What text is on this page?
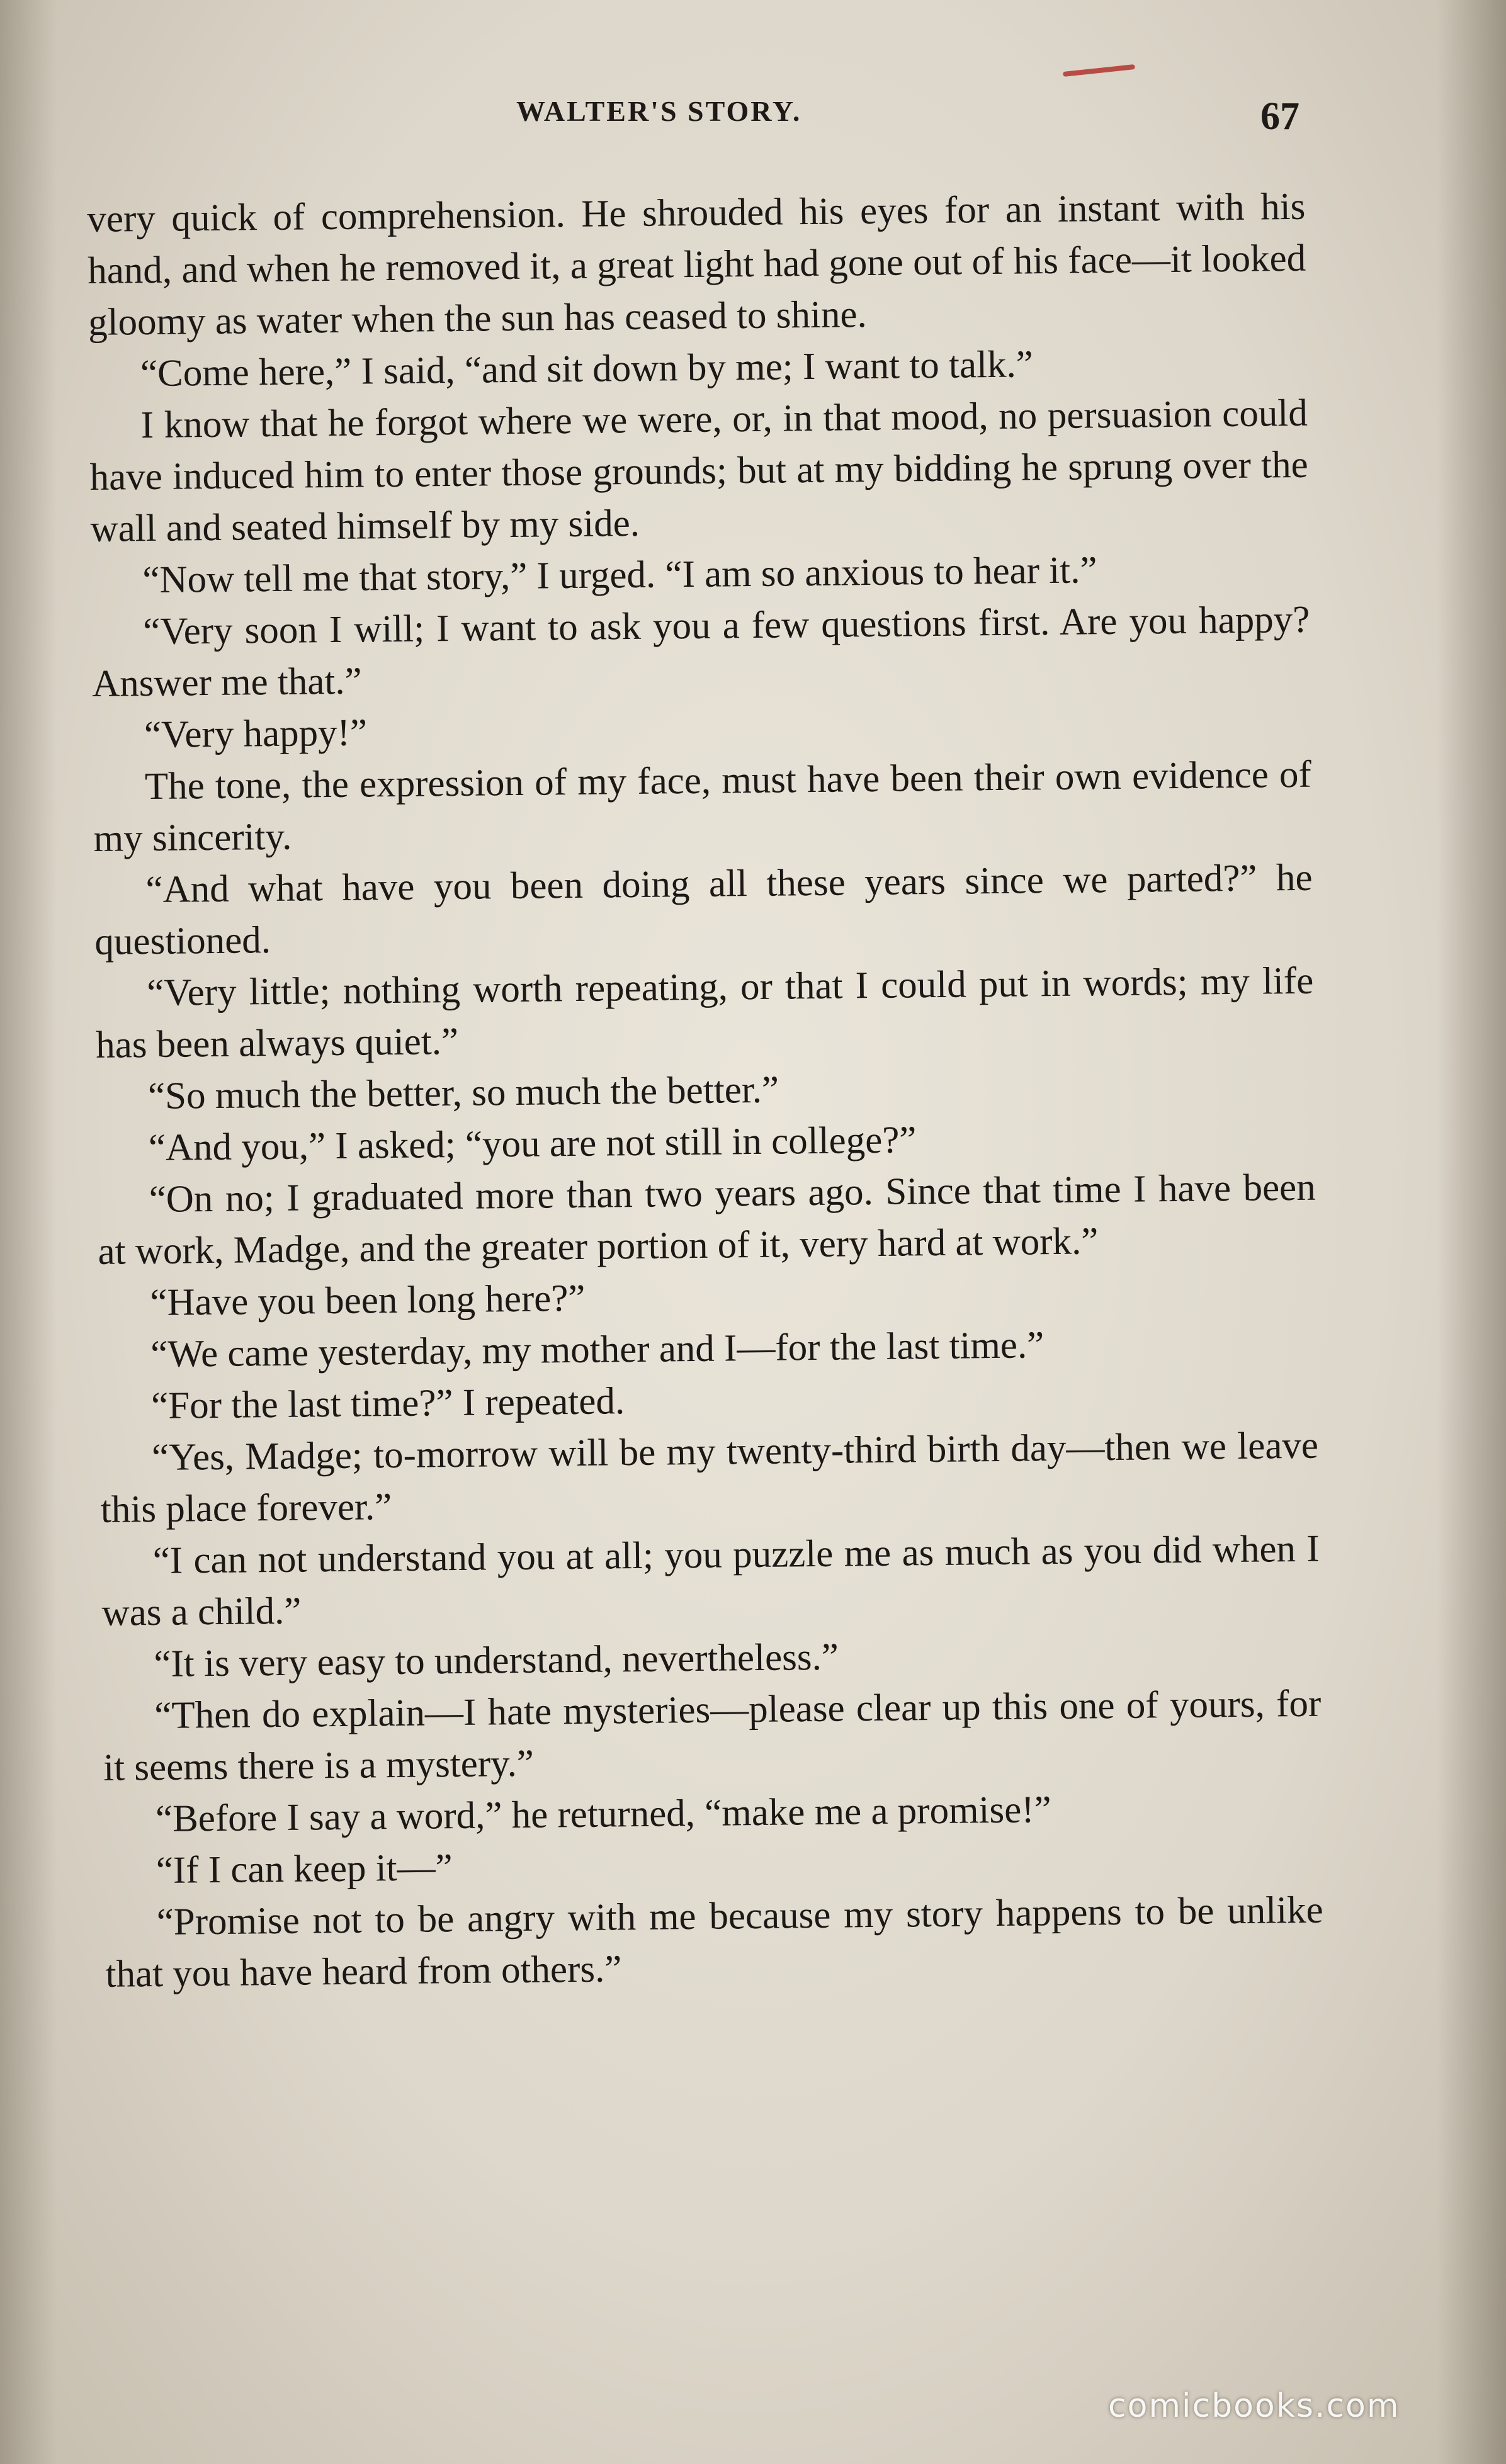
WALTER'S STORY.	67

very quick of comprehension. He shrouded his eyes for an instant with his hand, and when he removed it, a great light had gone out of his face—it looked gloomy as water when the sun has ceased to shine.

“Come here,” I said, “and sit down by me; I want to talk.”

I know that he forgot where we were, or, in that mood, no persuasion could have induced him to enter those grounds; but at my bidding he sprung over the wall and seated himself by my side.

“Now tell me that story,” I urged. “I am so anxious to hear it.”

“Very soon I will; I want to ask you a few questions first. Are you happy? Answer me that.”

“Very happy!”

The tone, the expression of my face, must have been their own evidence of my sincerity.

“And what have you been doing all these years since we parted?” he questioned.

“Very little; nothing worth repeating, or that I could put in words; my life has been always quiet.”

“So much the better, so much the better.”

“And you,” I asked; “you are not still in college?”

“On no; I graduated more than two years ago. Since that time I have been at work, Madge, and the greater portion of it, very hard at work.”

“Have you been long here?”

“We came yesterday, my mother and I—for the last time.”

“For the last time?” I repeated.

“Yes, Madge; to-morrow will be my twenty-third birth day—then we leave this place forever.”

“I can not understand you at all; you puzzle me as much as you did when I was a child.”

“It is very easy to understand, nevertheless.”

“Then do explain—I hate mysteries—please clear up this one of yours, for it seems there is a mystery.”

“Before I say a word,” he returned, “make me a promise!”

“If I can keep it—”

“Promise not to be angry with me because my story happens to be unlike that you have heard from others.”

comicbooks.com
